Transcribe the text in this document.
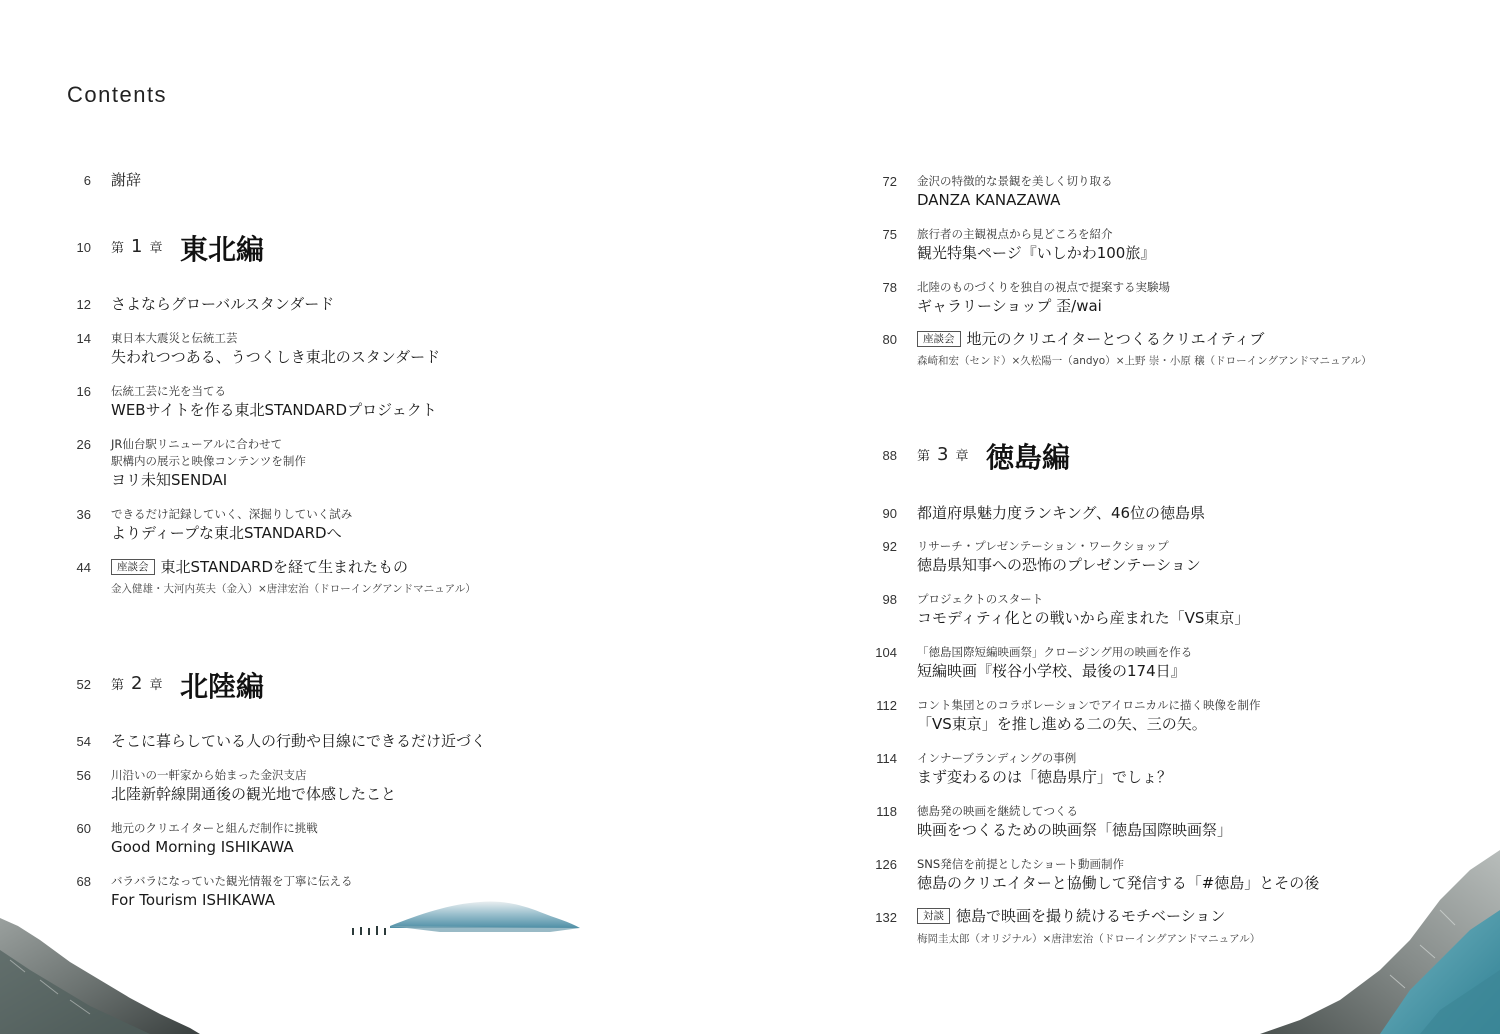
Contents
6 謝辞
10 第 1 章 東北編
12 さよならグローバルスタンダード
14 東日本大震災と伝統工芸
失われつつある、うつくしき東北のスタンダード
16 伝統工芸に光を当てる
WEBサイトを作る東北STANDARDプロジェクト
26 JR仙台駅リニューアルに合わせて
駅構内の展示と映像コンテンツを制作
ヨリ未知SENDAI
36 できるだけ記録していく、深掘りしていく試み
よりディープな東北STANDARDへ
44	座談会 東北STANDARDを経て生まれたもの
金入健雄・大河内英夫（金入）×唐津宏治（ドローイングアンドマニュアル）
52 第 2 章 北陸編
54 そこに暮らしている人の行動や目線にできるだけ近づく
56 川沿いの一軒家から始まった金沢支店
北陸新幹線開通後の観光地で体感したこと
60 地元のクリエイターと組んだ制作に挑戦
Good Morning ISHIKAWA
68 バラバラになっていた観光情報を丁寧に伝える
For Tourism ISHIKAWA
72 金沢の特徴的な景観を美しく切り取る
DANZA KANAZAWA
75 旅行者の主観視点から見どころを紹介
観光特集ページ『いしかわ100旅』
78 北陸のものづくりを独自の視点で提案する実験場
ギャラリーショップ 歪/wai
80	座談会 地元のクリエイターとつくるクリエイティブ
森崎和宏（センド）×久松陽一（andyo）×上野 崇・小原 穣（ドローイングアンドマニュアル）
88 第 3 章 徳島編
90 都道府県魅力度ランキング、46位の徳島県
92 リサーチ・プレゼンテーション・ワークショップ
徳島県知事への恐怖のプレゼンテーション
98 プロジェクトのスタート
コモディティ化との戦いから産まれた「VS東京」
104 「徳島国際短編映画祭」クロージング用の映画を作る
短編映画『桜谷小学校、最後の174日』
112 コント集団とのコラボレーションでアイロニカルに描く映像を制作
「VS東京」を推し進める二の矢、三の矢。
114 インナーブランディングの事例
まず変わるのは「徳島県庁」でしょ？
118 徳島発の映画を継続してつくる
映画をつくるための映画祭「徳島国際映画祭」
126 SNS発信を前提としたショート動画制作
徳島のクリエイターと協働して発信する「#徳島」とその後
132	対談 徳島で映画を撮り続けるモチベーション
梅岡圭太郎（オリジナル）×唐津宏治（ドローイングアンドマニュアル）
